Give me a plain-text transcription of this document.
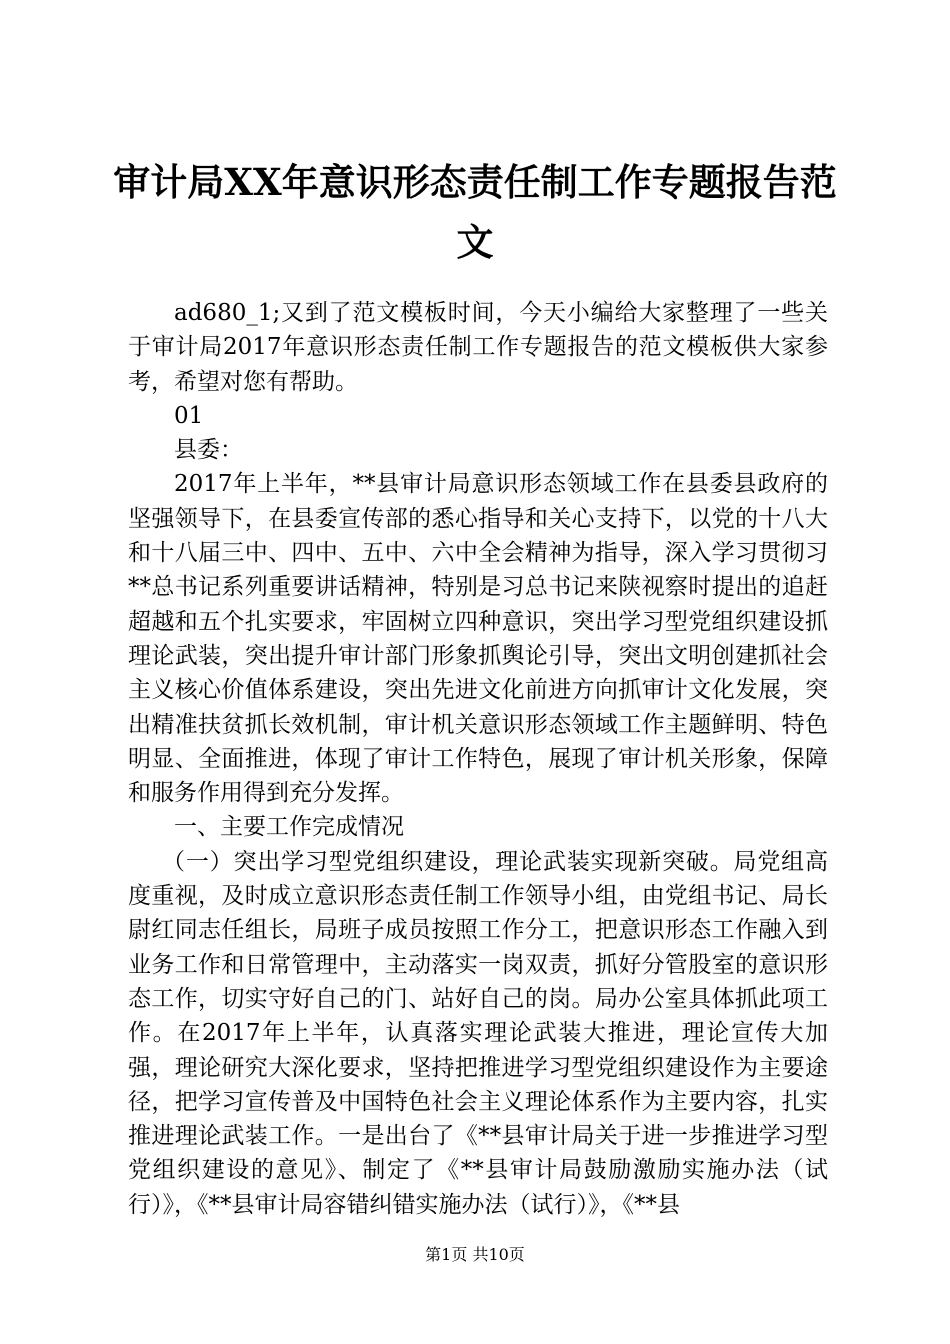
审计局XX年意识形态责任制工作专题报告范
文

ad680_1;又到了范文模板时间，今天小编给大家整理了一些关于审计局2017年意识形态责任制工作专题报告的范文模板供大家参考，希望对您有帮助。

01

县委：

2017年上半年，**县审计局意识形态领域工作在县委县政府的坚强领导下，在县委宣传部的悉心指导和关心支持下，以党的十八大和十八届三中、四中、五中、六中全会精神为指导，深入学习贯彻习**总书记系列重要讲话精神，特别是习总书记来陕视察时提出的追赶超越和五个扎实要求，牢固树立四种意识，突出学习型党组织建设抓理论武装，突出提升审计部门形象抓舆论引导，突出文明创建抓社会主义核心价值体系建设，突出先进文化前进方向抓审计文化发展，突出精准扶贫抓长效机制，审计机关意识形态领域工作主题鲜明、特色明显、全面推进，体现了审计工作特色，展现了审计机关形象，保障和服务作用得到充分发挥。

一、主要工作完成情况

（一）突出学习型党组织建设，理论武装实现新突破。局党组高度重视，及时成立意识形态责任制工作领导小组，由党组书记、局长尉红同志任组长，局班子成员按照工作分工，把意识形态工作融入到业务工作和日常管理中，主动落实一岗双责，抓好分管股室的意识形态工作，切实守好自己的门、站好自己的岗。局办公室具体抓此项工作。在2017年上半年，认真落实理论武装大推进，理论宣传大加强，理论研究大深化要求，坚持把推进学习型党组织建设作为主要途径，把学习宣传普及中国特色社会主义理论体系作为主要内容，扎实推进理论武装工作。一是出台了《**县审计局关于进一步推进学习型党组织建设的意见》、制定了《**县审计局鼓励激励实施办法（试行）》，《**县审计局容错纠错实施办法（试行）》，《**县

第1页 共10页
